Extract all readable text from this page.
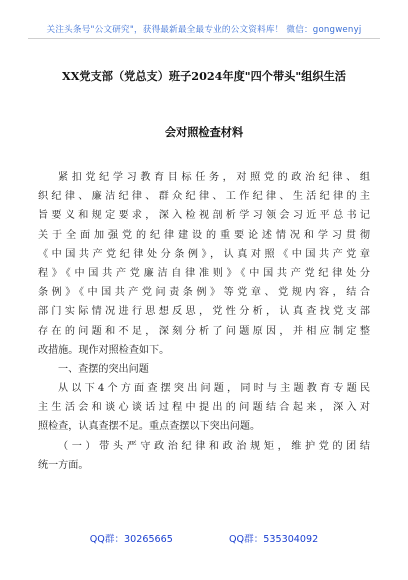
关注头条号"公文研究"，获得最新最全最专业的公文资料库！ 微信：gongwenyj
XX党支部（党总支）班子2024年度"四个带头"组织生活
会对照检查材料
紧扣党纪学习教育目标任务，对照党的政治纪律、组
织纪律、廉洁纪律、群众纪律、工作纪律、生活纪律的主
旨要义和规定要求，深入检视剖析学习领会习近平总书记
关于全面加强党的纪律建设的重要论述情况和学习贯彻
《中国共产党纪律处分条例》，认真对照《中国共产党章
程》《中国共产党廉洁自律准则》《中国共产党纪律处分
条例》《中国共产党问责条例》等党章、党规内容，结合
部门实际情况进行思想反思，党性分析，认真查找党支部
存在的问题和不足，深刻分析了问题原因，并相应制定整
改措施。现作对照检查如下。
一、查摆的突出问题
从以下4个方面查摆突出问题，同时与主题教育专题民
主生活会和谈心谈话过程中提出的问题结合起来，深入对
照检查，认真查摆不足。重点查摆以下突出问题。
（一）带头严守政治纪律和政治规矩，维护党的团结
统一方面。
QQ群：30265665	QQ群：535304092
